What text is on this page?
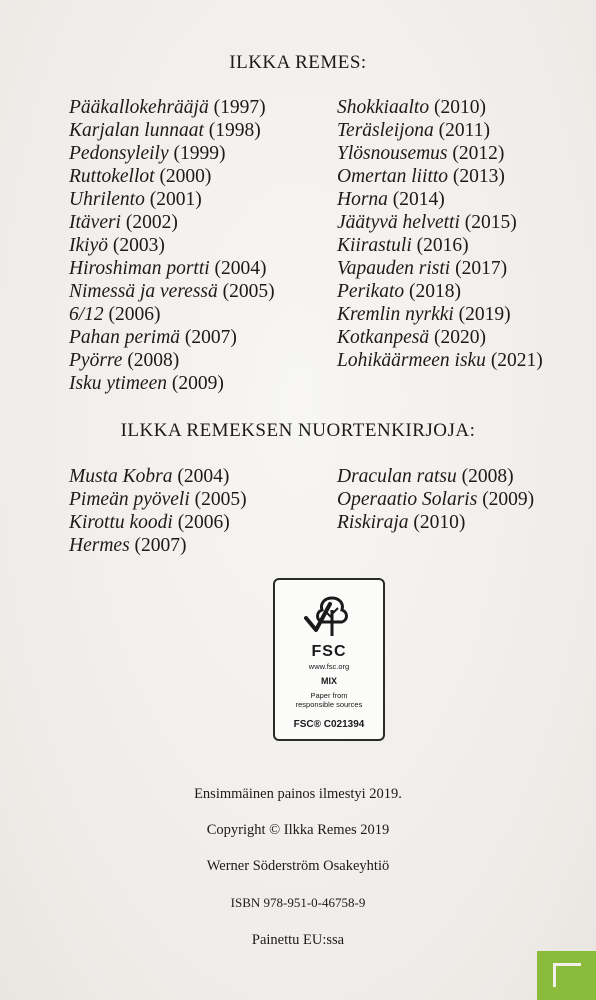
ILKKA REMES:
Pääkallokehrääjä (1997)
Karjalan lunnaat (1998)
Pedonsyleily (1999)
Ruttokellot (2000)
Uhrilento (2001)
Itäveri (2002)
Ikiyö (2003)
Hiroshiman portti (2004)
Nimessä ja veressä (2005)
6/12 (2006)
Pahan perimä (2007)
Pyörre (2008)
Isku ytimeen (2009)
Shokkiaalto (2010)
Teräsleijona (2011)
Ylösnousemus (2012)
Omertan liitto (2013)
Horna (2014)
Jäätyvä helvetti (2015)
Kiirastuli (2016)
Vapauden risti (2017)
Perikato (2018)
Kremlin nyrkki (2019)
Kotkanpesä (2020)
Lohikäärmeen isku (2021)
ILKKA REMEKSEN NUORTENKIRJOJA:
Musta Kobra (2004)
Pimeän pyöveli (2005)
Kirottu koodi (2006)
Hermes (2007)
Draculan ratsu (2008)
Operaatio Solaris (2009)
Riskiraja (2010)
FSC
www.fsc.org
MIX
Paper from
responsible sources
FSC® C021394
Ensimmäinen painos ilmestyi 2019.
Copyright © Ilkka Remes 2019
Werner Söderström Osakeyhtiö
ISBN 978-951-0-46758-9
Painettu EU:ssa
